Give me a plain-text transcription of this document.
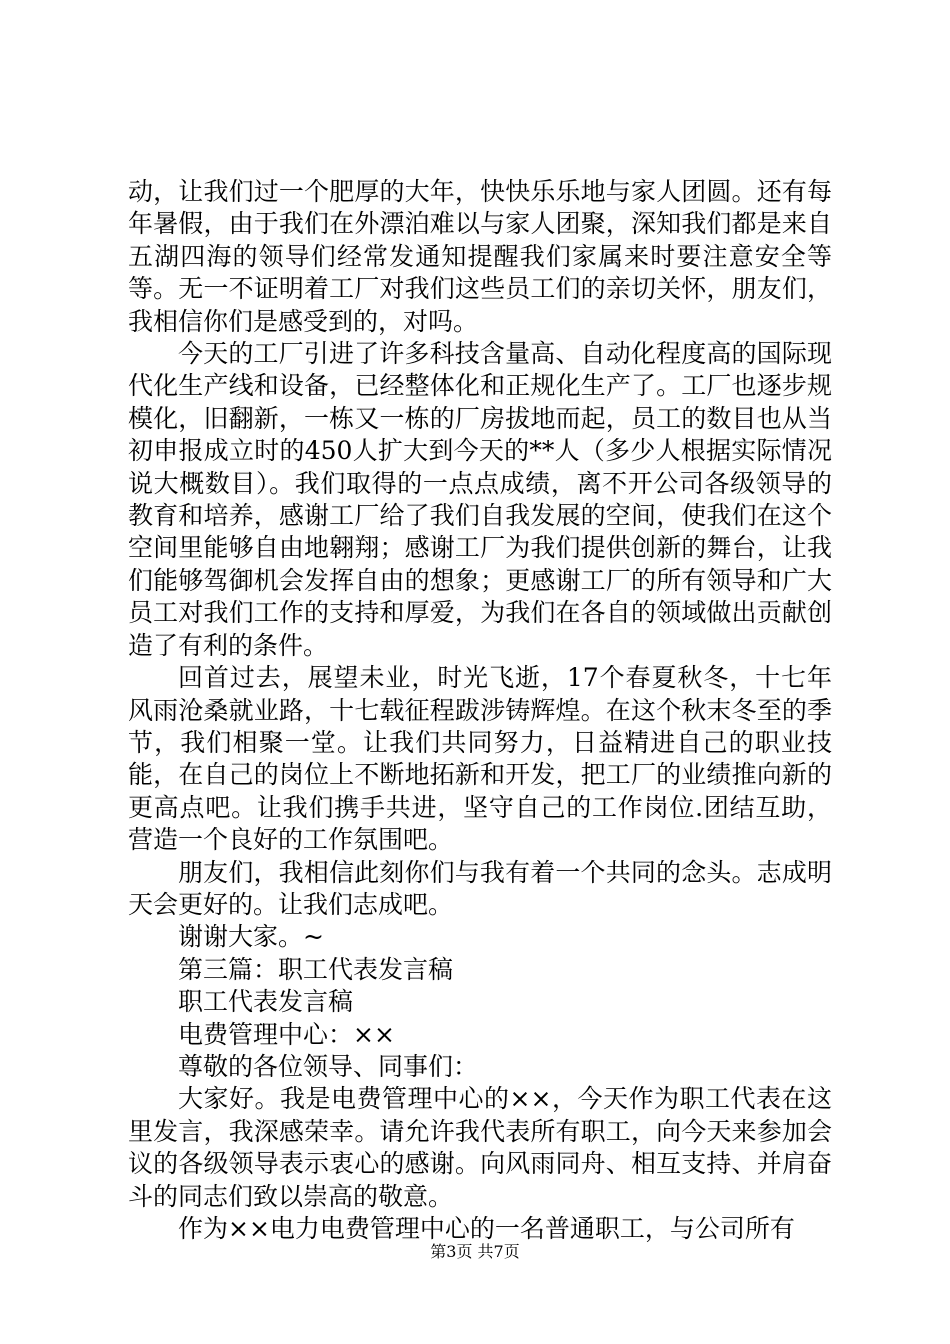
动，让我们过一个肥厚的大年，快快乐乐地与家人团圆。还有每年暑假，由于我们在外漂泊难以与家人团聚，深知我们都是来自五湖四海的领导们经常发通知提醒我们家属来时要注意安全等等。无一不证明着工厂对我们这些员工们的亲切关怀，朋友们，我相信你们是感受到的，对吗。

今天的工厂引进了许多科技含量高、自动化程度高的国际现代化生产线和设备，已经整体化和正规化生产了。工厂也逐步规模化，旧翻新，一栋又一栋的厂房拔地而起，员工的数目也从当初申报成立时的450人扩大到今天的**人（多少人根据实际情况说大概数目）。我们取得的一点点成绩，离不开公司各级领导的教育和培养，感谢工厂给了我们自我发展的空间，使我们在这个空间里能够自由地翱翔；感谢工厂为我们提供创新的舞台，让我们能够驾御机会发挥自由的想象；更感谢工厂的所有领导和广大员工对我们工作的支持和厚爱，为我们在各自的领域做出贡献创造了有利的条件。

回首过去，展望未业，时光飞逝，17个春夏秋冬，十七年风雨沧桑就业路，十七载征程跋涉铸辉煌。在这个秋末冬至的季节，我们相聚一堂。让我们共同努力，日益精进自己的职业技能，在自己的岗位上不断地拓新和开发，把工厂的业绩推向新的更高点吧。让我们携手共进，坚守自己的工作岗位.团结互助，营造一个良好的工作氛围吧。

朋友们，我相信此刻你们与我有着一个共同的念头。志成明天会更好的。让我们志成吧。

谢谢大家。~

第三篇：职工代表发言稿

职工代表发言稿

电费管理中心：××

尊敬的各位领导、同事们：

大家好。我是电费管理中心的××，今天作为职工代表在这里发言，我深感荣幸。请允许我代表所有职工，向今天来参加会议的各级领导表示衷心的感谢。向风雨同舟、相互支持、并肩奋斗的同志们致以崇高的敬意。

作为××电力电费管理中心的一名普通职工，与公司所有

第3页 共7页
